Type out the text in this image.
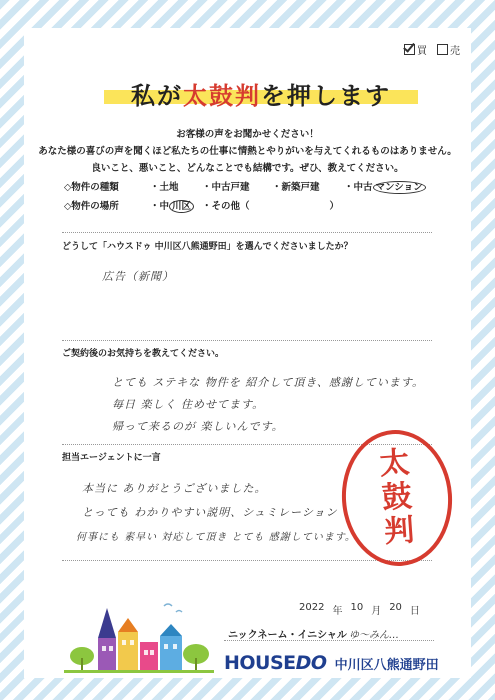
買	売
私が太鼓判を押します
お客様の声をお聞かせください！
あなた様の喜びの声を聞くほど私たちの仕事に情熱とやりがいを与えてくれるものはありません。
良いこと、悪いこと、どんなことでも結構です。ぜひ、教えてください。
◇物件の種類	・土地	・中古戸建	・新築戸建	・中古 マンション
◇物件の場所	・中 川区	・その他（	）
どうして「ハウスドゥ 中川区八熊通野田」を選んでくださいましたか？
広告（新聞）
ご契約後のお気持ちを教えてください。
とても ステキな 物件を 紹介して頂き、感謝しています。
毎日 楽しく 住めせてます。
帰って来るのが 楽しいんです。
担当エージェントに一言
本当に ありがとうございました。
とっても わかりやすい説明、シュミレーション
何事にも 素早い 対応して頂き とても 感謝しています。
太
鼓
判
2022 年 10 月 20 日
ニックネーム・イニシャル ゆ〜みん…
HOUSEDO 中川区八熊通野田
